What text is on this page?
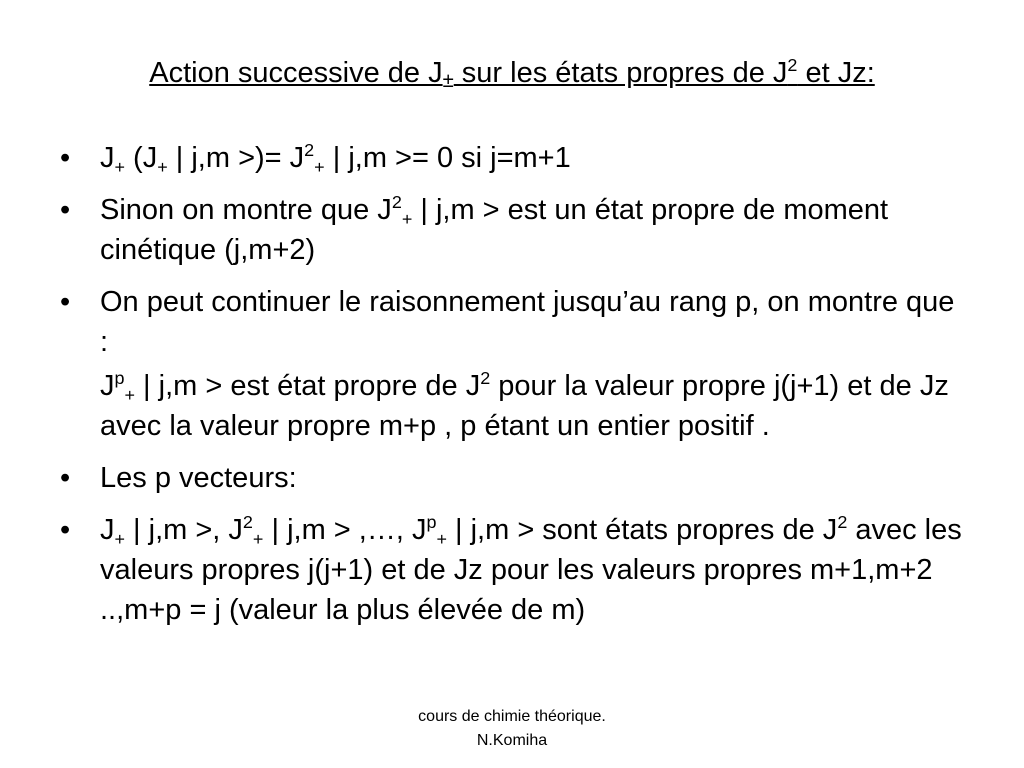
Action successive de J± sur les états propres de $J^2$ et Jz:
•	$J_+$ ($J_+$ | j,m >)= $J^2_+$ | j,m >= 0 si j=m+1
•	Sinon on montre que $J^2_+$ | j,m > est un état propre de moment cinétique (j,m+2)
•	On peut continuer le raisonnement jusqu’au rang p, on montre que :
$J^p_+$ | j,m > est état propre de $J^2$ pour la valeur propre j(j+1) et de Jz avec la valeur propre m+p , p étant un entier positif .
•	Les p vecteurs:
•	$J_+$ | j,m >, $J^2_+$ | j,m > ,…, $J^p_+$ | j,m > sont états propres de $J^2$ avec les valeurs propres j(j+1) et de Jz pour les valeurs propres m+1,m+2 ..,m+p = j (valeur la plus élevée de m)
cours de chimie théorique.
N.Komiha
